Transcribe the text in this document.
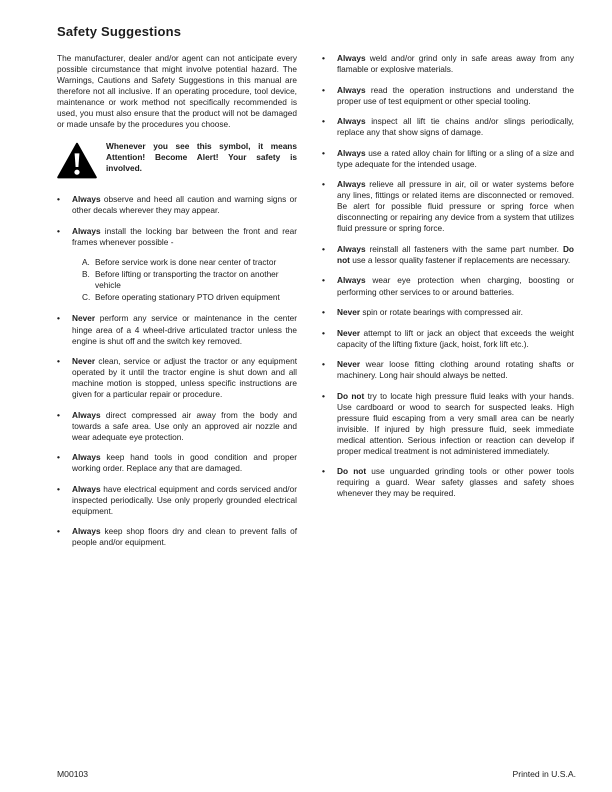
Safety Suggestions

The manufacturer, dealer and/or agent can not anticipate every possible circumstance that might involve potential hazard. The Warnings, Cautions and Safety Suggestions in this manual are therefore not all inclusive. If an operating procedure, tool device, maintenance or work method not specifically recommended is used, you must also ensure that the product will not be damaged or made unsafe by the procedures you choose.

Whenever you see this symbol, it means Attention! Become Alert! Your safety is involved.

•	Always observe and heed all caution and warning signs or other decals wherever they may appear.
•	Always install the locking bar between the front and rear frames whenever possible -
A. Before service work is done near center of tractor
B. Before lifting or transporting the tractor on another vehicle
C. Before operating stationary PTO driven equipment
•	Never perform any service or maintenance in the center hinge area of a 4 wheel-drive articulated tractor unless the engine is shut off and the switch key removed.
•	Never clean, service or adjust the tractor or any equipment operated by it until the tractor engine is shut down and all machine motion is stopped, unless specific instructions are given for a particular repair or procedure.
•	Always direct compressed air away from the body and towards a safe area. Use only an approved air nozzle and wear adequate eye protection.
•	Always keep hand tools in good condition and proper working order. Replace any that are damaged.
•	Always have electrical equipment and cords serviced and/or inspected periodically. Use only properly grounded electrical equipment.
•	Always keep shop floors dry and clean to prevent falls of people and/or equipment.
•	Always weld and/or grind only in safe areas away from any flamable or explosive materials.
•	Always read the operation instructions and understand the proper use of test equipment or other special tooling.
•	Always inspect all lift tie chains and/or slings periodically, replace any that show signs of damage.
•	Always use a rated alloy chain for lifting or a sling of a size and type adequate for the intended usage.
•	Always relieve all pressure in air, oil or water systems before any lines, fittings or related items are disconnected or removed. Be alert for possible fluid pressure or spring force when disconnecting or repairing any device from a system that utilizes fluid pressure or spring force.
•	Always reinstall all fasteners with the same part number. Do not use a lessor quality fastener if replacements are necessary.
•	Always wear eye protection when charging, boosting or performing other services to or around batteries.
•	Never spin or rotate bearings with compressed air.
•	Never attempt to lift or jack an object that exceeds the weight capacity of the lifting fixture (jack, hoist, fork lift etc.).
•	Never wear loose fitting clothing around rotating shafts or machinery. Long hair should always be netted.
•	Do not try to locate high pressure fluid leaks with your hands. Use cardboard or wood to search for suspected leaks. High pressure fluid escaping from a very small area can be nearly invisible. If injured by high pressure fluid, seek immediate medical attention. Serious infection or reaction can develop if proper medical treatment is not administered immediately.
•	Do not use unguarded grinding tools or other power tools requiring a guard. Wear safety glasses and safety shoes whenever they may be required.
M00103	Printed in U.S.A.
